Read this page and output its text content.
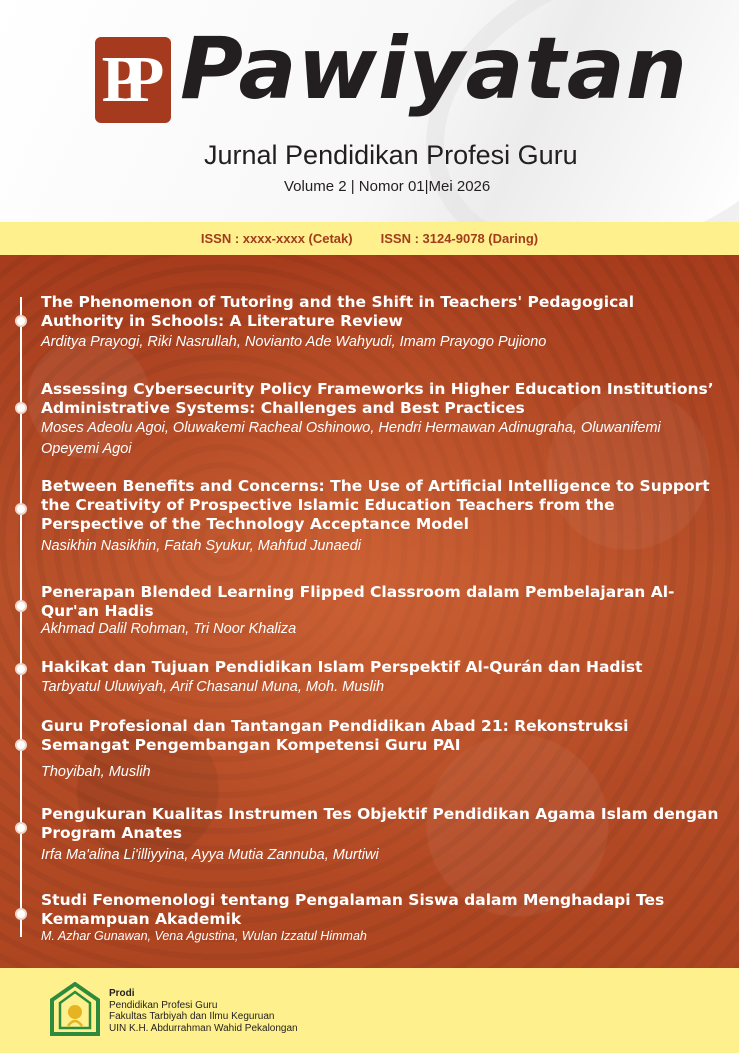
PP Pawiyatan
Jurnal Pendidikan Profesi Guru
Volume 2 | Nomor 01|Mei 2026
ISSN : xxxx-xxxx (Cetak) ISSN : 3124-9078 (Daring)
The Phenomenon of Tutoring and the Shift in Teachers' Pedagogical Authority in Schools: A Literature Review
Arditya Prayogi, Riki Nasrullah, Novianto Ade Wahyudi, Imam Prayogo Pujiono
Assessing Cybersecurity Policy Frameworks in Higher Education Institutions’ Administrative Systems: Challenges and Best Practices
Moses Adeolu Agoi, Oluwakemi Racheal Oshinowo, Hendri Hermawan Adinugraha, Oluwanifemi Opeyemi Agoi
Between Benefits and Concerns: The Use of Artificial Intelligence to Support the Creativity of Prospective Islamic Education Teachers from the Perspective of the Technology Acceptance Model
Nasikhin Nasikhin, Fatah Syukur, Mahfud Junaedi
Penerapan Blended Learning Flipped Classroom dalam Pembelajaran Al-Qur'an Hadis
Akhmad Dalil Rohman, Tri Noor Khaliza
Hakikat dan Tujuan Pendidikan Islam Perspektif Al-Qurán dan Hadist
Tarbyatul Uluwiyah, Arif Chasanul Muna, Moh. Muslih
Guru Profesional dan Tantangan Pendidikan Abad 21: Rekonstruksi Semangat Pengembangan Kompetensi Guru PAI
Thoyibah, Muslih
Pengukuran Kualitas Instrumen Tes Objektif Pendidikan Agama Islam dengan Program Anates
Irfa Ma'alina Li'illiyyina, Ayya Mutia Zannuba, Murtiwi
Studi Fenomenologi tentang Pengalaman Siswa dalam Menghadapi Tes Kemampuan Akademik
M. Azhar Gunawan, Vena Agustina, Wulan Izzatul Himmah
Prodi
Pendidikan Profesi Guru
Fakultas Tarbiyah dan Ilmu Keguruan
UIN K.H. Abdurrahman Wahid Pekalongan
